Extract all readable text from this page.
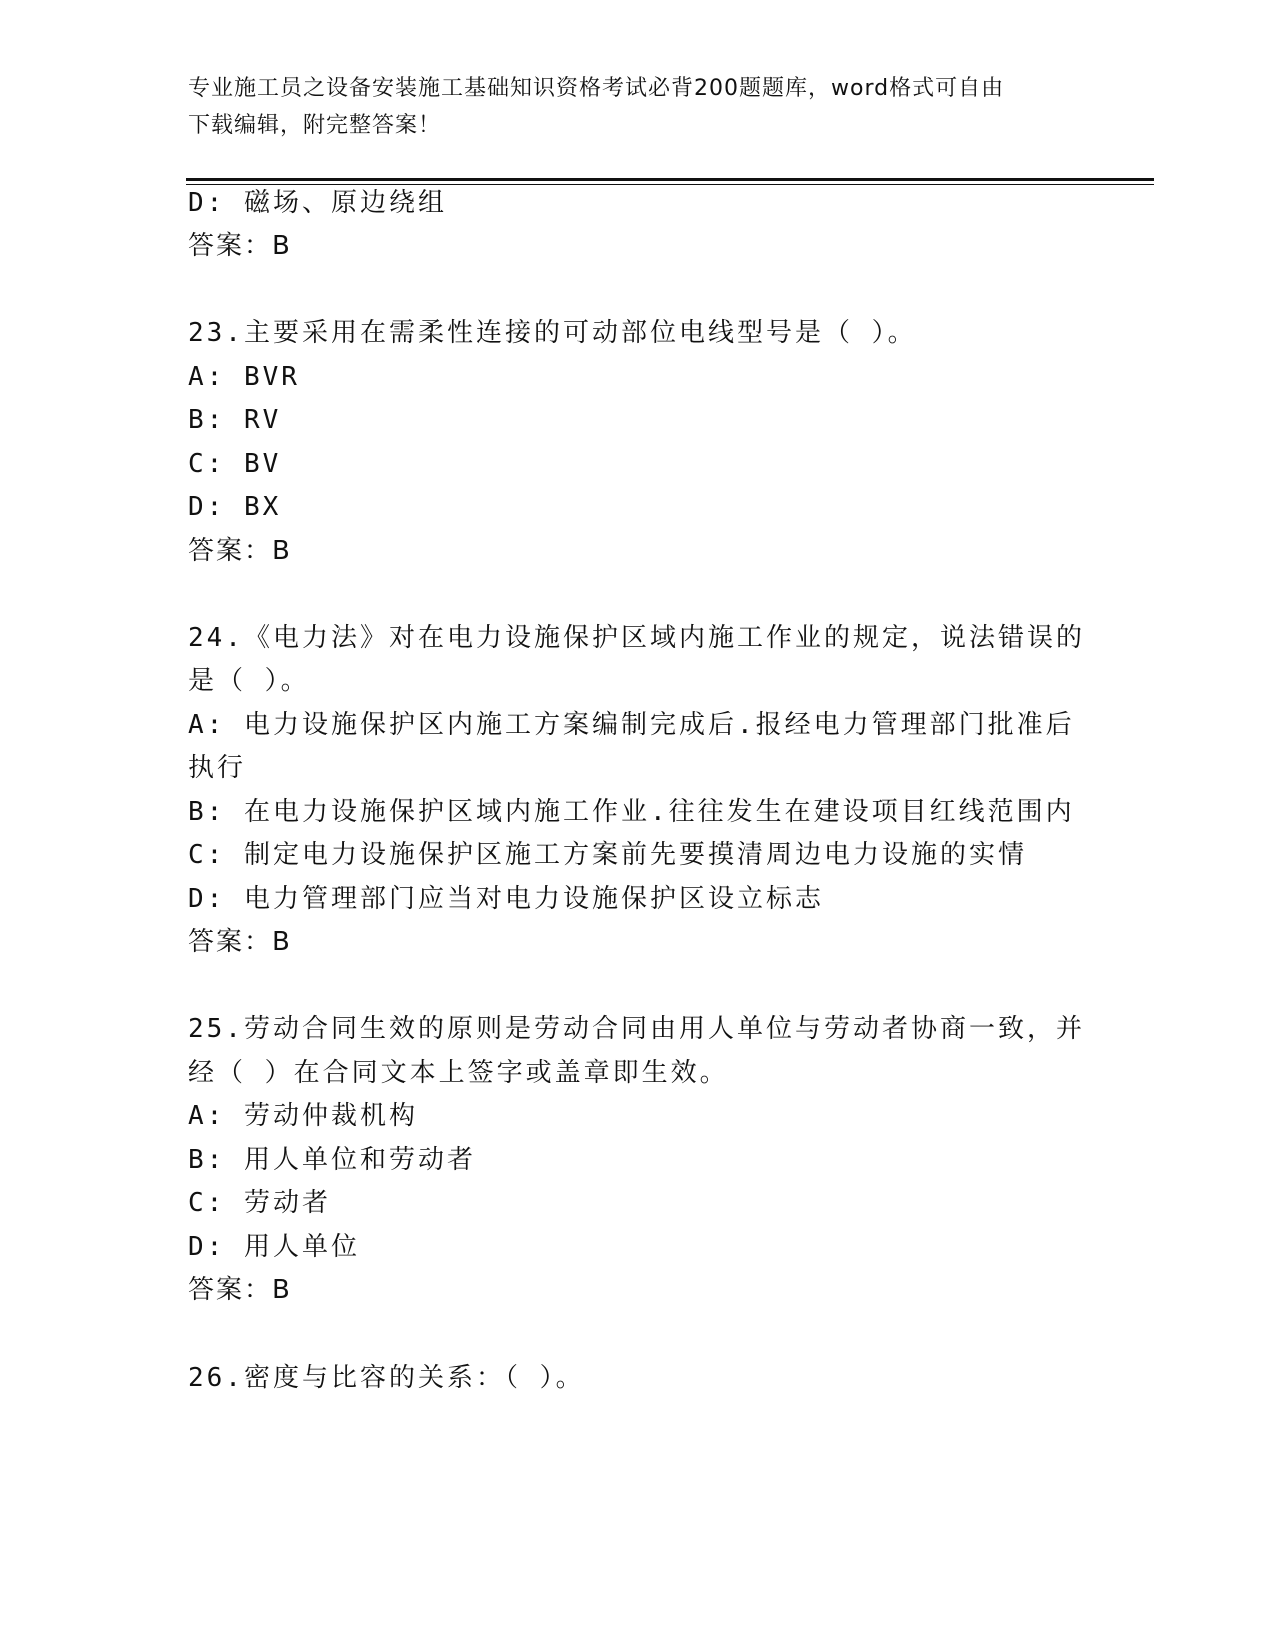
专业施工员之设备安装施工基础知识资格考试必背200题题库，word格式可自由
下载编辑，附完整答案！
D: 磁场、原边绕组
答案：B
23.主要采用在需柔性连接的可动部位电线型号是（ ）。
A: BVR
B: RV
C: BV
D: BX
答案：B
24.《电力法》对在电力设施保护区域内施工作业的规定，说法错误的
是（ ）。
A: 电力设施保护区内施工方案编制完成后.报经电力管理部门批准后
执行
B: 在电力设施保护区域内施工作业.往往发生在建设项目红线范围内
C: 制定电力设施保护区施工方案前先要摸清周边电力设施的实情
D: 电力管理部门应当对电力设施保护区设立标志
答案：B
25.劳动合同生效的原则是劳动合同由用人单位与劳动者协商一致，并
经（ ）在合同文本上签字或盖章即生效。
A: 劳动仲裁机构
B: 用人单位和劳动者
C: 劳动者
D: 用人单位
答案：B
26.密度与比容的关系：（ ）。
